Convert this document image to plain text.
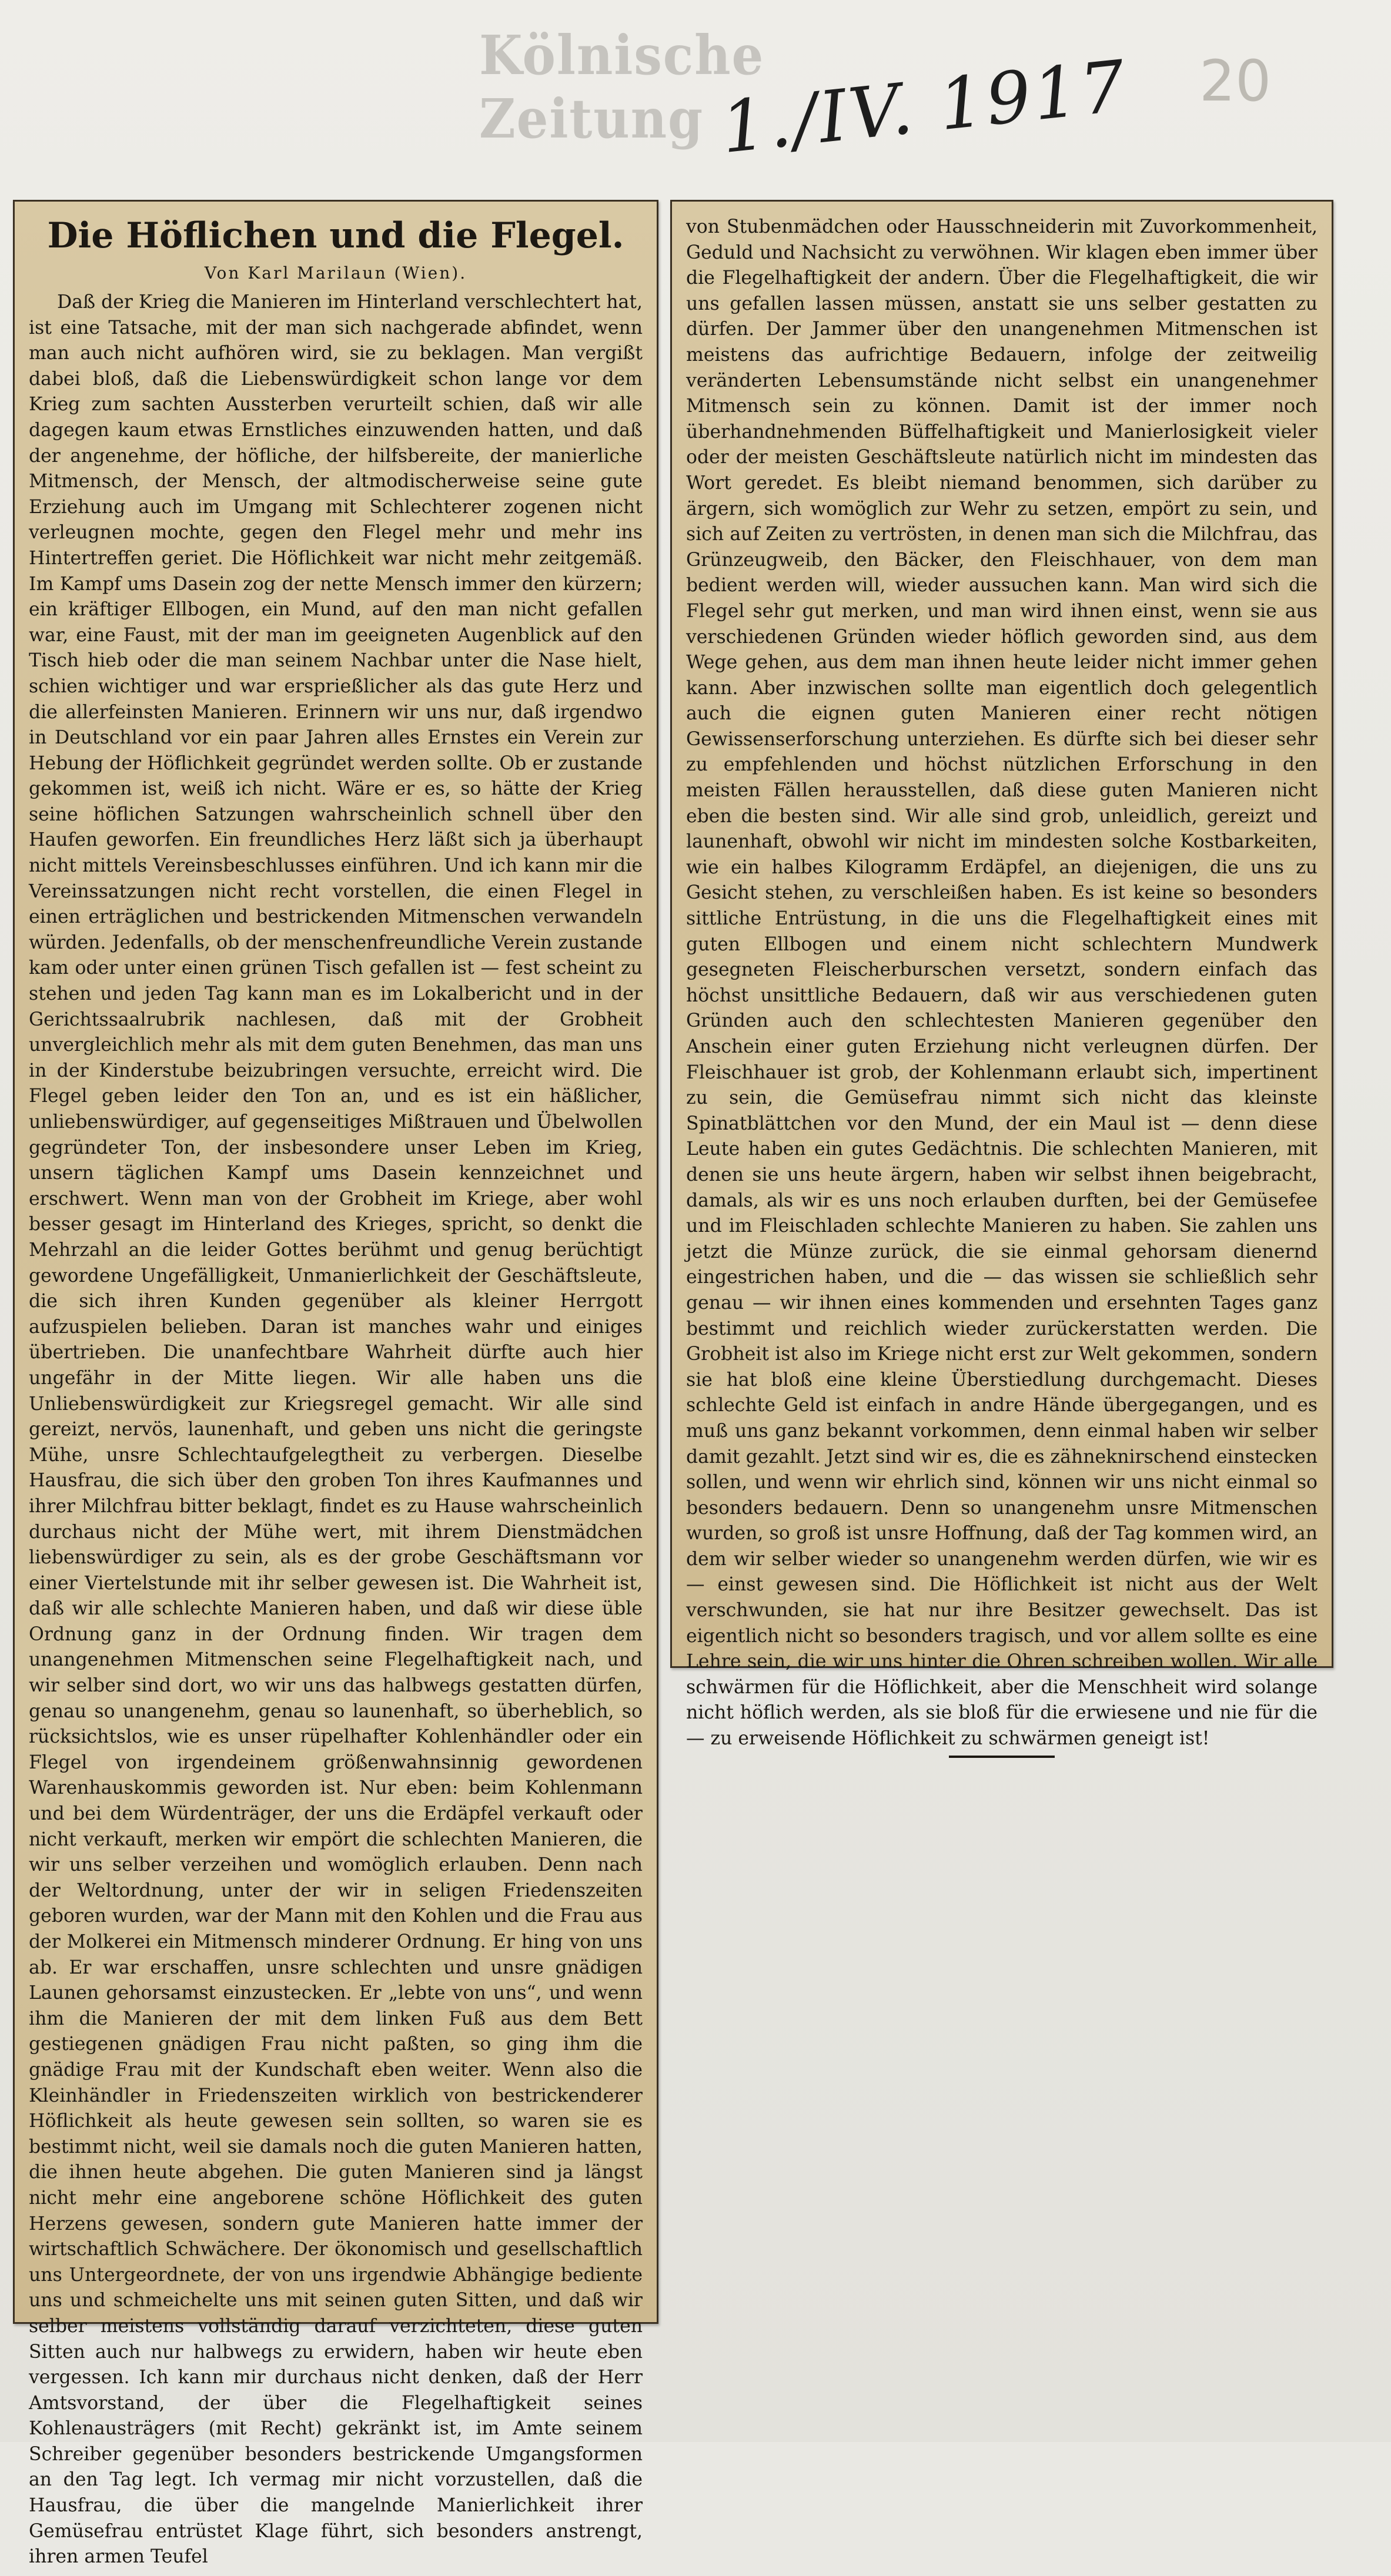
Kölnische Zeitung 1./IV. 1917 20
Die Höflichen und die Flegel.
Von Karl Marilaun (Wien).

Daß der Krieg die Manieren im Hinterland verschlechtert hat, ist eine Tatsache, mit der man sich nachgerade abfindet, wenn man auch nicht aufhören wird, sie zu beklagen. Man vergißt dabei bloß, daß die Liebenswürdigkeit schon lange vor dem Krieg zum sachten Aussterben verurteilt schien, daß wir alle dagegen kaum etwas Ernstliches einzuwenden hatten, und daß der angenehme, der höfliche, der hilfsbereite, der manierliche Mitmensch, der Mensch, der altmodischerweise seine gute Erziehung auch im Umgang mit Schlechterer zogenen nicht verleugnen mochte, gegen den Flegel mehr und mehr ins Hintertreffen geriet. Die Höflichkeit war nicht mehr zeitgemäß. Im Kampf ums Dasein zog der nette Mensch immer den kürzern; ein kräftiger Ellbogen, ein Mund, auf den man nicht gefallen war, eine Faust, mit der man im geeigneten Augenblick auf den Tisch hieb oder die man seinem Nachbar unter die Nase hielt, schien wichtiger und war ersprießlicher als das gute Herz und die allerfeinsten Manieren. Erinnern wir uns nur, daß irgendwo in Deutschland vor ein paar Jahren alles Ernstes ein Verein zur Hebung der Höflichkeit gegründet werden sollte. Ob er zustande gekommen ist, weiß ich nicht. Wäre er es, so hätte der Krieg seine höflichen Satzungen wahrscheinlich schnell über den Haufen geworfen. Ein freundliches Herz läßt sich ja überhaupt nicht mittels Vereinsbeschlusses einführen. Und ich kann mir die Vereinssatzungen nicht recht vorstellen, die einen Flegel in einen erträglichen und bestrickenden Mitmenschen verwandeln würden. Jedenfalls, ob der menschenfreundliche Verein zustande kam oder unter einen grünen Tisch gefallen ist — fest scheint zu stehen und jeden Tag kann man es im Lokalbericht und in der Gerichtssaalrubrik nachlesen, daß mit der Grobheit unvergleichlich mehr als mit dem guten Benehmen, das man uns in der Kinderstube beizubringen versuchte, erreicht wird. Die Flegel geben leider den Ton an, und es ist ein häßlicher, unliebenswürdiger, auf gegenseitiges Mißtrauen und Übelwollen gegründeter Ton, der insbesondere unser Leben im Krieg, unsern täglichen Kampf ums Dasein kennzeichnet und erschwert. Wenn man von der Grobheit im Kriege, aber wohl besser gesagt im Hinterland des Krieges, spricht, so denkt die Mehrzahl an die leider Gottes berühmt und genug berüchtigt gewordene Ungefälligkeit, Unmanierlichkeit der Geschäftsleute, die sich ihren Kunden gegenüber als kleiner Herrgott aufzuspielen belieben. Daran ist manches wahr und einiges übertrieben. Die unanfechtbare Wahrheit dürfte auch hier ungefähr in der Mitte liegen. Wir alle haben uns die Unliebenswürdigkeit zur Kriegsregel gemacht. Wir alle sind gereizt, nervös, launenhaft, und geben uns nicht die geringste Mühe, unsre Schlechtaufgelegtheit zu verbergen. Dieselbe Hausfrau, die sich über den groben Ton ihres Kaufmannes und ihrer Milchfrau bitter beklagt, findet es zu Hause wahrscheinlich durchaus nicht der Mühe wert, mit ihrem Dienstmädchen liebenswürdiger zu sein, als es der grobe Geschäftsmann vor einer Viertelstunde mit ihr selber gewesen ist. Die Wahrheit ist, daß wir alle schlechte Manieren haben, und daß wir diese üble Ordnung ganz in der Ordnung finden. Wir tragen dem unangenehmen Mitmenschen seine Flegelhaftigkeit nach, und wir selber sind dort, wo wir uns das halbwegs gestatten dürfen, genau so unangenehm, genau so launenhaft, so überheblich, so rücksichtslos, wie es unser rüpelhafter Kohlenhändler oder ein Flegel von irgendeinem größenwahnsinnig gewordenen Warenhauskommis geworden ist. Nur eben: beim Kohlenmann und bei dem Würdenträger, der uns die Erdäpfel verkauft oder nicht verkauft, merken wir empört die schlechten Manieren, die wir uns selber verzeihen und womöglich erlauben. Denn nach der Weltordnung, unter der wir in seligen Friedenszeiten geboren wurden, war der Mann mit den Kohlen und die Frau aus der Molkerei ein Mitmensch minderer Ordnung. Er hing von uns ab. Er war erschaffen, unsre schlechten und unsre gnädigen Launen gehorsamst einzustecken. Er „lebte von uns“, und wenn ihm die Manieren der mit dem linken Fuß aus dem Bett gestiegenen gnädigen Frau nicht paßten, so ging ihm die gnädige Frau mit der Kundschaft eben weiter. Wenn also die Kleinhändler in Friedenszeiten wirklich von bestrickenderer Höflichkeit als heute gewesen sein sollten, so waren sie es bestimmt nicht, weil sie damals noch die guten Manieren hatten, die ihnen heute abgehen. Die guten Manieren sind ja längst nicht mehr eine angeborene schöne Höflichkeit des guten Herzens gewesen, sondern gute Manieren hatte immer der wirtschaftlich Schwächere. Der ökonomisch und gesellschaftlich uns Untergeordnete, der von uns irgendwie Abhängige bediente uns und schmeichelte uns mit seinen guten Sitten, und daß wir selber meistens vollständig darauf verzichteten, diese guten Sitten auch nur halbwegs zu erwidern, haben wir heute eben vergessen. Ich kann mir durchaus nicht denken, daß der Herr Amtsvorstand, der über die Flegelhaftigkeit seines Kohlenausträgers (mit Recht) gekränkt ist, im Amte seinem Schreiber gegenüber besonders bestrickende Umgangsformen an den Tag legt. Ich vermag mir nicht vorzustellen, daß die Hausfrau, die über die mangelnde Manierlichkeit ihrer Gemüsefrau entrüstet Klage führt, sich besonders anstrengt, ihren armen Teufel

von Stubenmädchen oder Hausschneiderin mit Zuvorkommenheit, Geduld und Nachsicht zu verwöhnen. Wir klagen eben immer über die Flegelhaftigkeit der andern. Über die Flegelhaftigkeit, die wir uns gefallen lassen müssen, anstatt sie uns selber gestatten zu dürfen. Der Jammer über den unangenehmen Mitmenschen ist meistens das aufrichtige Bedauern, infolge der zeitweilig veränderten Lebensumstände nicht selbst ein unangenehmer Mitmensch sein zu können. Damit ist der immer noch überhandnehmenden Büffelhaftigkeit und Manierlosigkeit vieler oder der meisten Geschäftsleute natürlich nicht im mindesten das Wort geredet. Es bleibt niemand benommen, sich darüber zu ärgern, sich womöglich zur Wehr zu setzen, empört zu sein, und sich auf Zeiten zu vertrösten, in denen man sich die Milchfrau, das Grünzeugweib, den Bäcker, den Fleischhauer, von dem man bedient werden will, wieder aussuchen kann. Man wird sich die Flegel sehr gut merken, und man wird ihnen einst, wenn sie aus verschiedenen Gründen wieder höflich geworden sind, aus dem Wege gehen, aus dem man ihnen heute leider nicht immer gehen kann. Aber inzwischen sollte man eigentlich doch gelegentlich auch die eignen guten Manieren einer recht nötigen Gewissenserforschung unterziehen. Es dürfte sich bei dieser sehr zu empfehlenden und höchst nützlichen Erforschung in den meisten Fällen herausstellen, daß diese guten Manieren nicht eben die besten sind. Wir alle sind grob, unleidlich, gereizt und launenhaft, obwohl wir nicht im mindesten solche Kostbarkeiten, wie ein halbes Kilogramm Erdäpfel, an diejenigen, die uns zu Gesicht stehen, zu verschleißen haben. Es ist keine so besonders sittliche Entrüstung, in die uns die Flegelhaftigkeit eines mit guten Ellbogen und einem nicht schlechtern Mundwerk gesegneten Fleischerburschen versetzt, sondern einfach das höchst unsittliche Bedauern, daß wir aus verschiedenen guten Gründen auch den schlechtesten Manieren gegenüber den Anschein einer guten Erziehung nicht verleugnen dürfen. Der Fleischhauer ist grob, der Kohlenmann erlaubt sich, impertinent zu sein, die Gemüsefrau nimmt sich nicht das kleinste Spinatblättchen vor den Mund, der ein Maul ist — denn diese Leute haben ein gutes Gedächtnis. Die schlechten Manieren, mit denen sie uns heute ärgern, haben wir selbst ihnen beigebracht, damals, als wir es uns noch erlauben durften, bei der Gemüsefee und im Fleischladen schlechte Manieren zu haben. Sie zahlen uns jetzt die Münze zurück, die sie einmal gehorsam dienernd eingestrichen haben, und die — das wissen sie schließlich sehr genau — wir ihnen eines kommenden und ersehnten Tages ganz bestimmt und reichlich wieder zurückerstatten werden. Die Grobheit ist also im Kriege nicht erst zur Welt gekommen, sondern sie hat bloß eine kleine Überstiedlung durchgemacht. Dieses schlechte Geld ist einfach in andre Hände übergegangen, und es muß uns ganz bekannt vorkommen, denn einmal haben wir selber damit gezahlt. Jetzt sind wir es, die es zähneknirschend einstecken sollen, und wenn wir ehrlich sind, können wir uns nicht einmal so besonders bedauern. Denn so unangenehm unsre Mitmenschen wurden, so groß ist unsre Hoffnung, daß der Tag kommen wird, an dem wir selber wieder so unangenehm werden dürfen, wie wir es — einst gewesen sind. Die Höflichkeit ist nicht aus der Welt verschwunden, sie hat nur ihre Besitzer gewechselt. Das ist eigentlich nicht so besonders tragisch, und vor allem sollte es eine Lehre sein, die wir uns hinter die Ohren schreiben wollen. Wir alle schwärmen für die Höflichkeit, aber die Menschheit wird solange nicht höflich werden, als sie bloß für die erwiesene und nie für die — zu erweisende Höflichkeit zu schwärmen geneigt ist!
